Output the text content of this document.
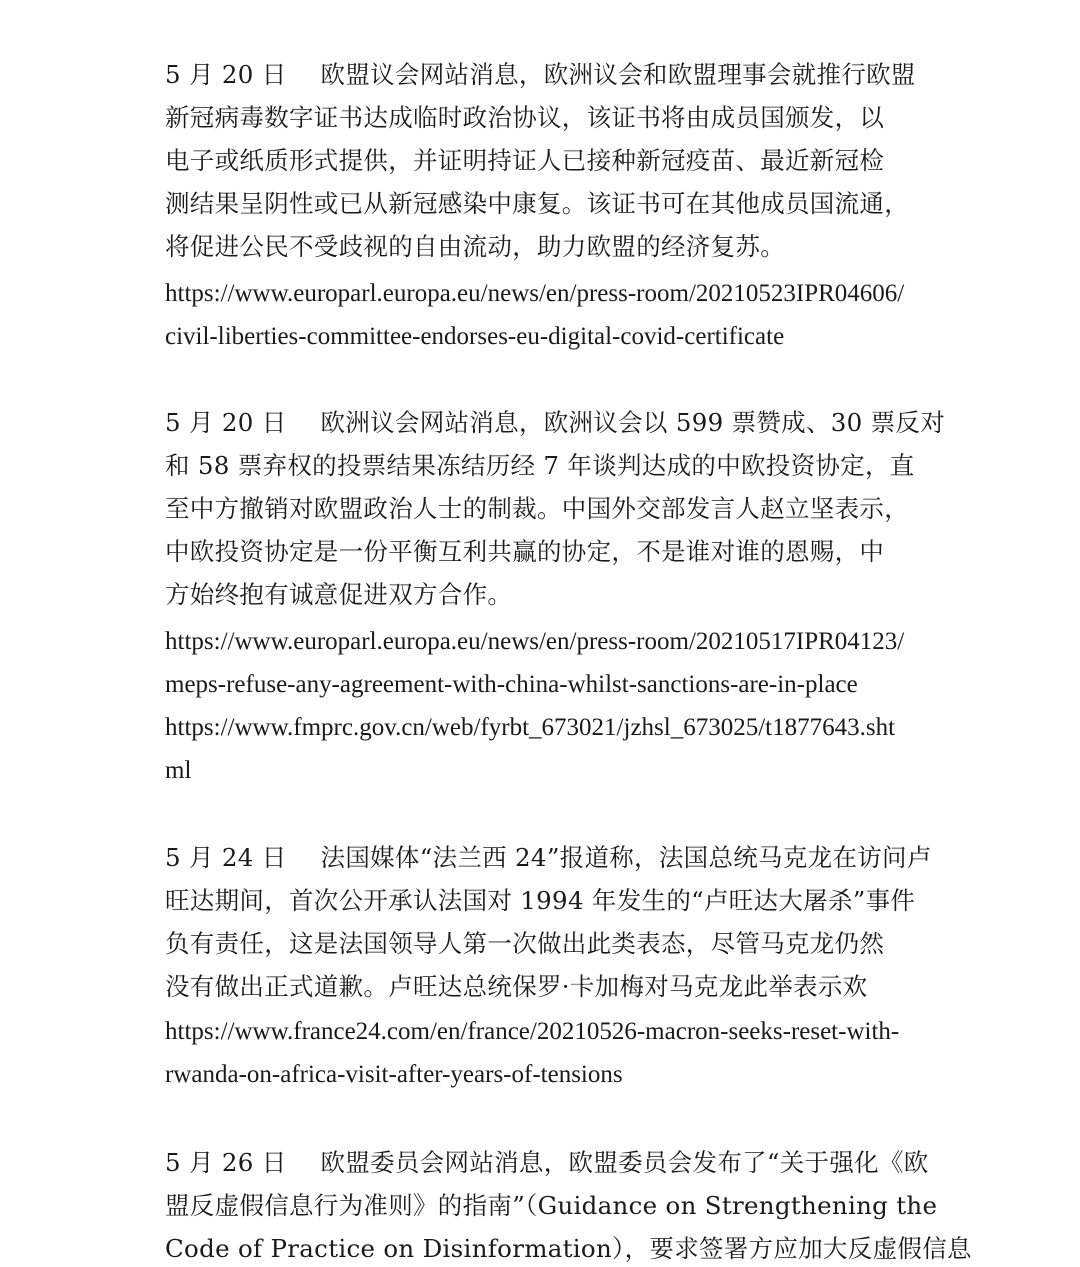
5 月 20 日 欧盟议会网站消息，欧洲议会和欧盟理事会就推行欧盟
新冠病毒数字证书达成临时政治协议，该证书将由成员国颁发，以
电子或纸质形式提供，并证明持证人已接种新冠疫苗、最近新冠检
测结果呈阴性或已从新冠感染中康复。该证书可在其他成员国流通，
将促进公民不受歧视的自由流动，助力欧盟的经济复苏。
https://www.europarl.europa.eu/news/en/press-room/20210523IPR04606/
civil-liberties-committee-endorses-eu-digital-covid-certificate
5 月 20 日 欧洲议会网站消息，欧洲议会以 599 票赞成、30 票反对
和 58 票弃权的投票结果冻结历经 7 年谈判达成的中欧投资协定，直
至中方撤销对欧盟政治人士的制裁。中国外交部发言人赵立坚表示，
中欧投资协定是一份平衡互利共赢的协定，不是谁对谁的恩赐，中
方始终抱有诚意促进双方合作。
https://www.europarl.europa.eu/news/en/press-room/20210517IPR04123/
meps-refuse-any-agreement-with-china-whilst-sanctions-are-in-place
https://www.fmprc.gov.cn/web/fyrbt_673021/jzhsl_673025/t1877643.sht
ml
5 月 24 日 法国媒体“法兰西 24”报道称，法国总统马克龙在访问卢
旺达期间，首次公开承认法国对 1994 年发生的“卢旺达大屠杀”事件
负有责任，这是法国领导人第一次做出此类表态，尽管马克龙仍然
没有做出正式道歉。卢旺达总统保罗·卡加梅对马克龙此举表示欢
https://www.france24.com/en/france/20210526-macron-seeks-reset-with-
rwanda-on-africa-visit-after-years-of-tensions
5 月 26 日 欧盟委员会网站消息，欧盟委员会发布了“关于强化《欧
盟反虚假信息行为准则》的指南”（Guidance on Strengthening the
Code of Practice on Disinformation），要求签署方应加大反虚假信息
